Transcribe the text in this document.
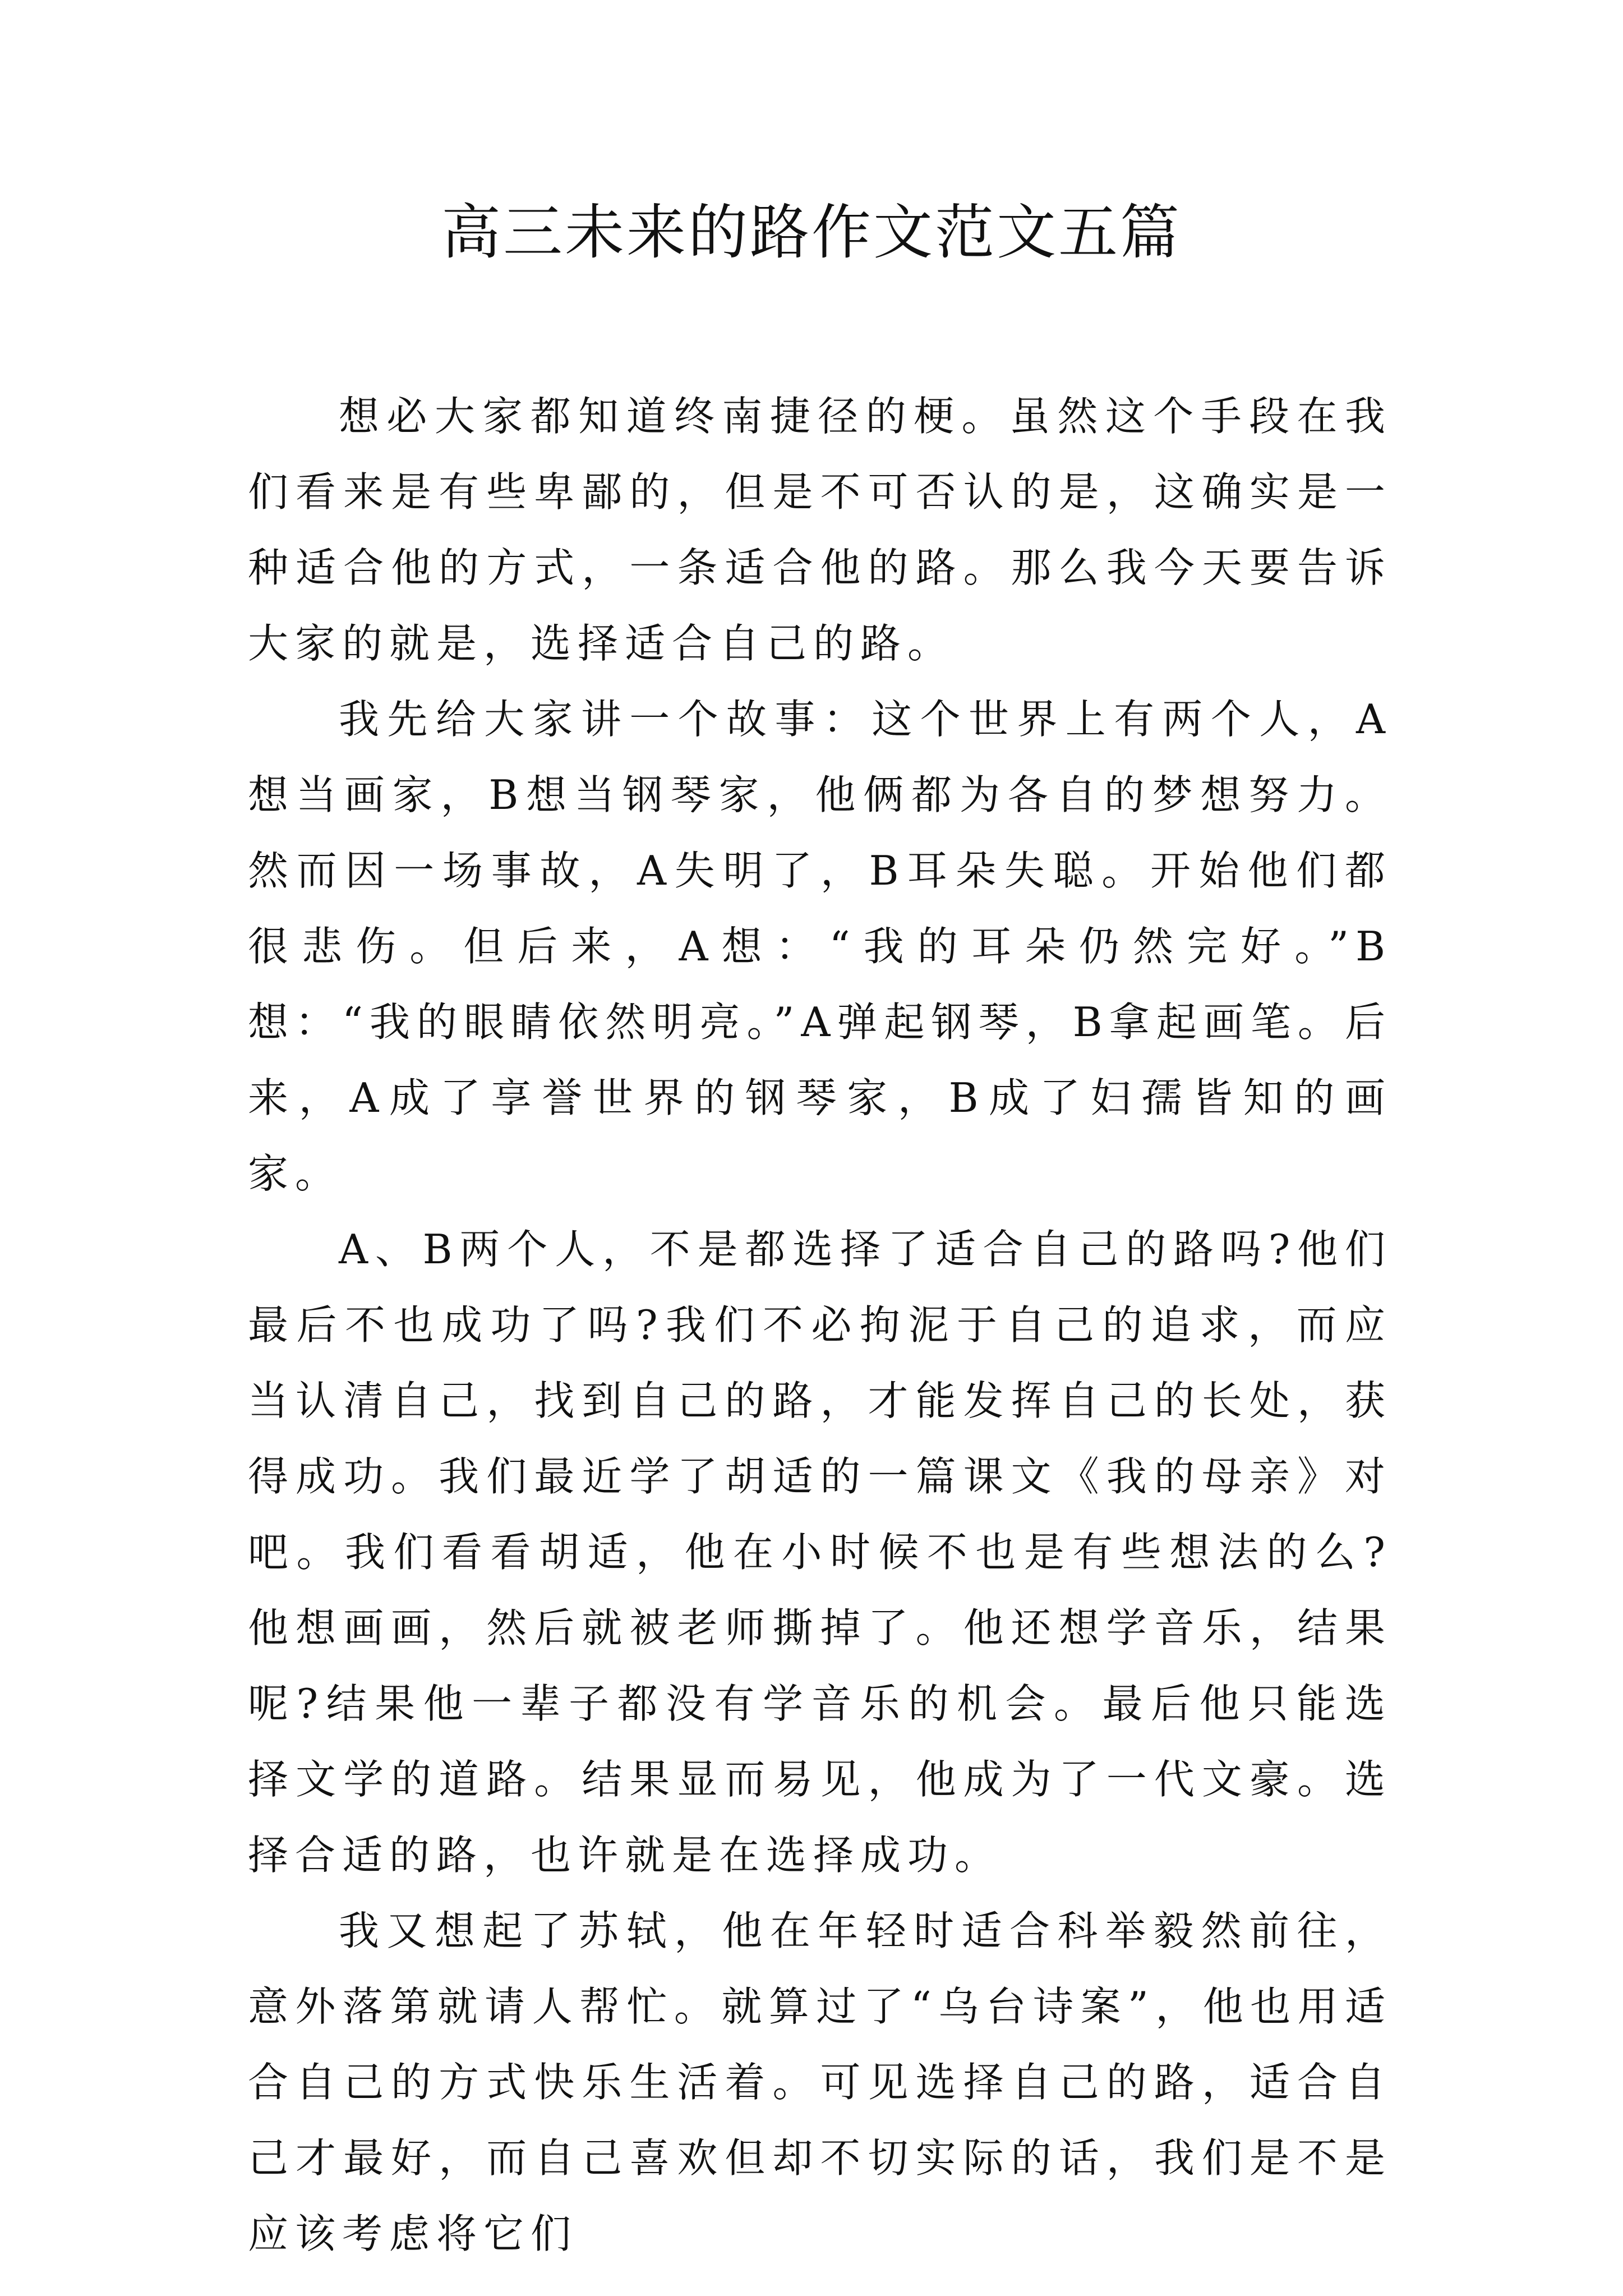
高三未来的路作文范文五篇

想必大家都知道终南捷径的梗。虽然这个手段在我们看来是有些卑鄙的，但是不可否认的是，这确实是一种适合他的方式，一条适合他的路。那么我今天要告诉大家的就是，选择适合自己的路。

我先给大家讲一个故事：这个世界上有两个人，A想当画家，B想当钢琴家，他俩都为各自的梦想努力。然而因一场事故，A失明了，B耳朵失聪。开始他们都很悲伤。但后来，A想：“我的耳朵仍然完好。”B想：“我的眼睛依然明亮。”A弹起钢琴，B拿起画笔。后来，A成了享誉世界的钢琴家，B成了妇孺皆知的画家。

A、B两个人，不是都选择了适合自己的路吗?他们最后不也成功了吗?我们不必拘泥于自己的追求，而应当认清自己，找到自己的路，才能发挥自己的长处，获得成功。我们最近学了胡适的一篇课文《我的母亲》对吧。我们看看胡适，他在小时候不也是有些想法的么?他想画画，然后就被老师撕掉了。他还想学音乐，结果呢?结果他一辈子都没有学音乐的机会。最后他只能选择文学的道路。结果显而易见，他成为了一代文豪。选择合适的路，也许就是在选择成功。

我又想起了苏轼，他在年轻时适合科举毅然前往，意外落第就请人帮忙。就算过了“乌台诗案”，他也用适合自己的方式快乐生活着。可见选择自己的路，适合自己才最好，而自己喜欢但却不切实际的话，我们是不是应该考虑将它们
